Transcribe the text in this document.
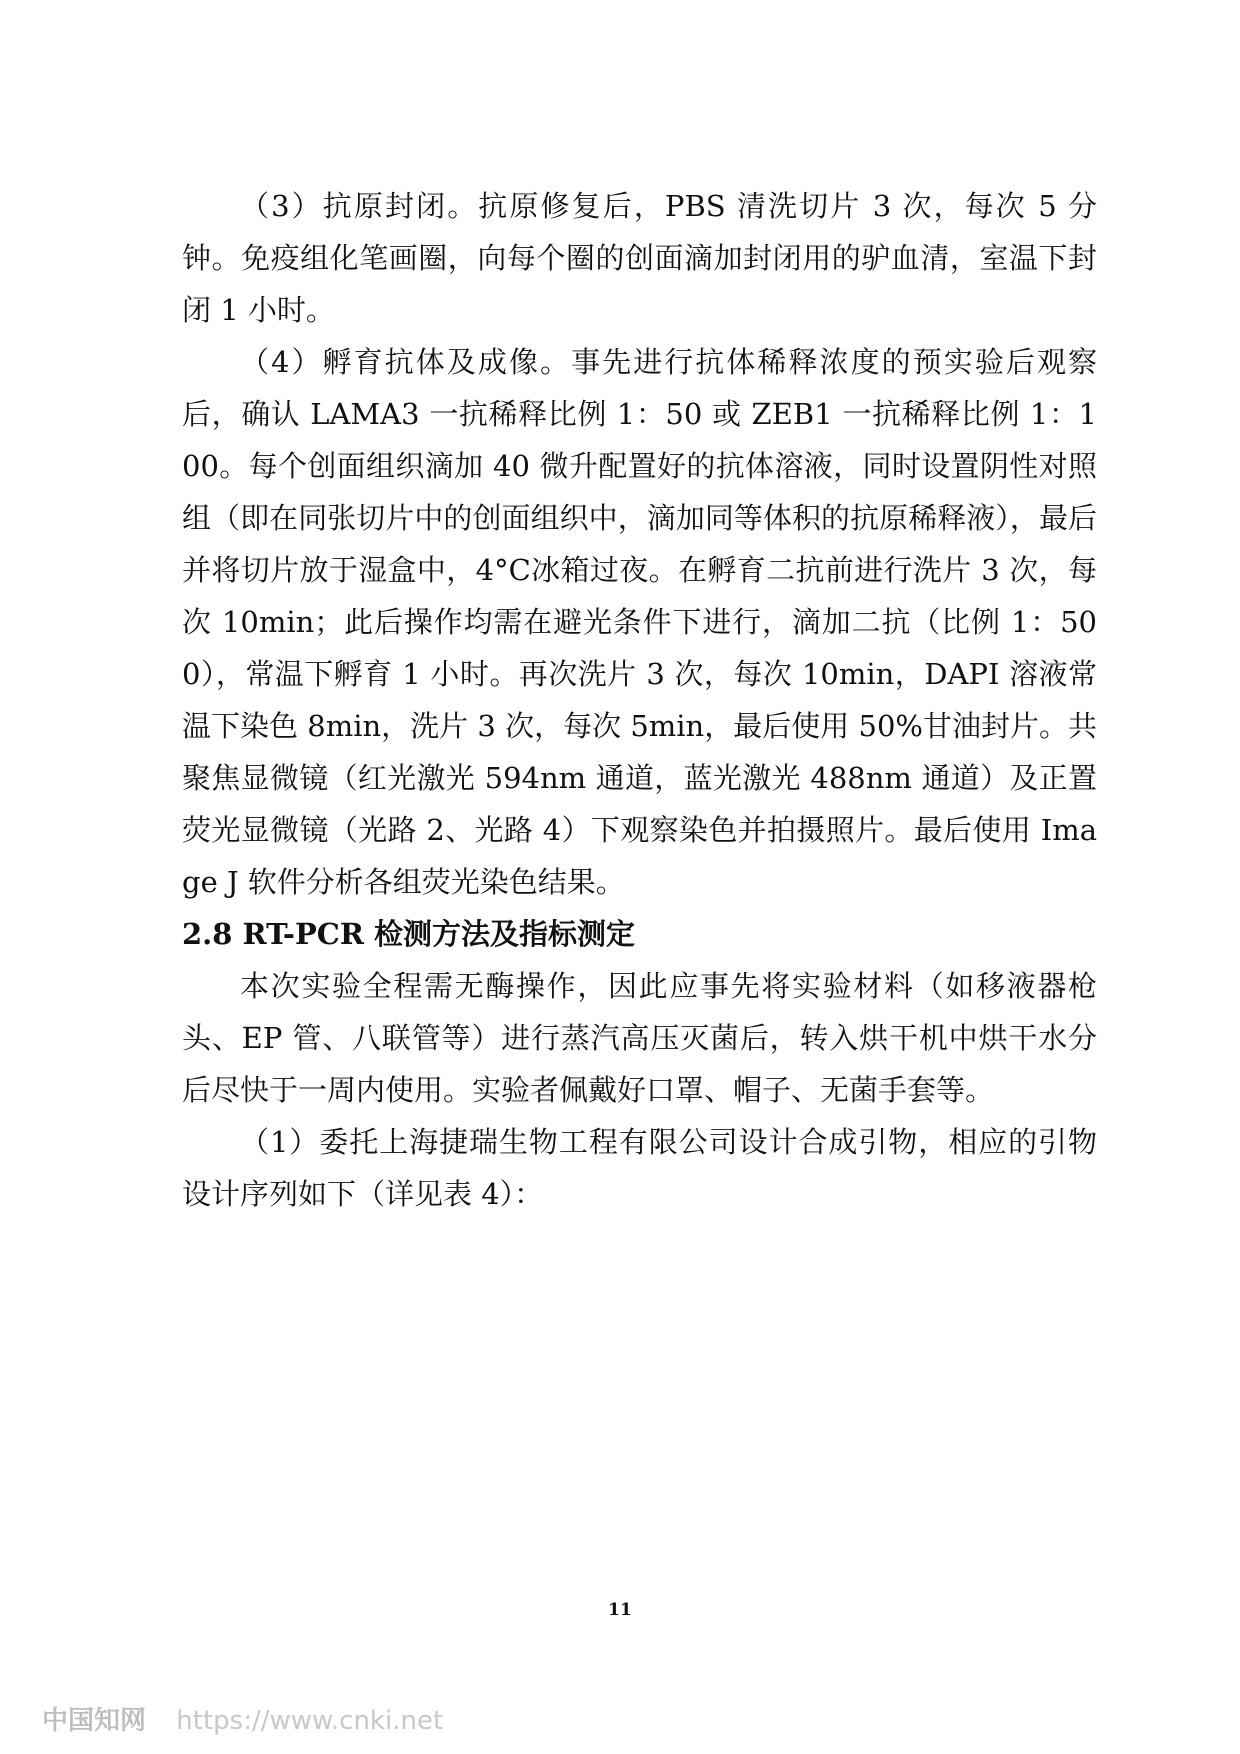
（3）抗原封闭。抗原修复后，PBS 清洗切片 3 次，每次 5 分钟。免疫组化笔画圈，向每个圈的创面滴加封闭用的驴血清，室温下封闭 1 小时。

（4）孵育抗体及成像。事先进行抗体稀释浓度的预实验后观察后，确认 LAMA3 一抗稀释比例 1：50 或 ZEB1 一抗稀释比例 1：100。每个创面组织滴加 40 微升配置好的抗体溶液，同时设置阴性对照组（即在同张切片中的创面组织中，滴加同等体积的抗原稀释液），最后并将切片放于湿盒中，4°C冰箱过夜。在孵育二抗前进行洗片 3 次，每次 10min；此后操作均需在避光条件下进行，滴加二抗（比例 1：500），常温下孵育 1 小时。再次洗片 3 次，每次 10min，DAPI 溶液常温下染色 8min，洗片 3 次，每次 5min，最后使用 50%甘油封片。共聚焦显微镜（红光激光 594nm 通道，蓝光激光 488nm 通道）及正置荧光显微镜（光路 2、光路 4）下观察染色并拍摄照片。最后使用 Image J 软件分析各组荧光染色结果。

2.8 RT-PCR 检测方法及指标测定

本次实验全程需无酶操作，因此应事先将实验材料（如移液器枪头、EP 管、八联管等）进行蒸汽高压灭菌后，转入烘干机中烘干水分后尽快于一周内使用。实验者佩戴好口罩、帽子、无菌手套等。

（1）委托上海捷瑞生物工程有限公司设计合成引物，相应的引物设计序列如下（详见表 4）：

11
中国知网 https://www.cnki.net
